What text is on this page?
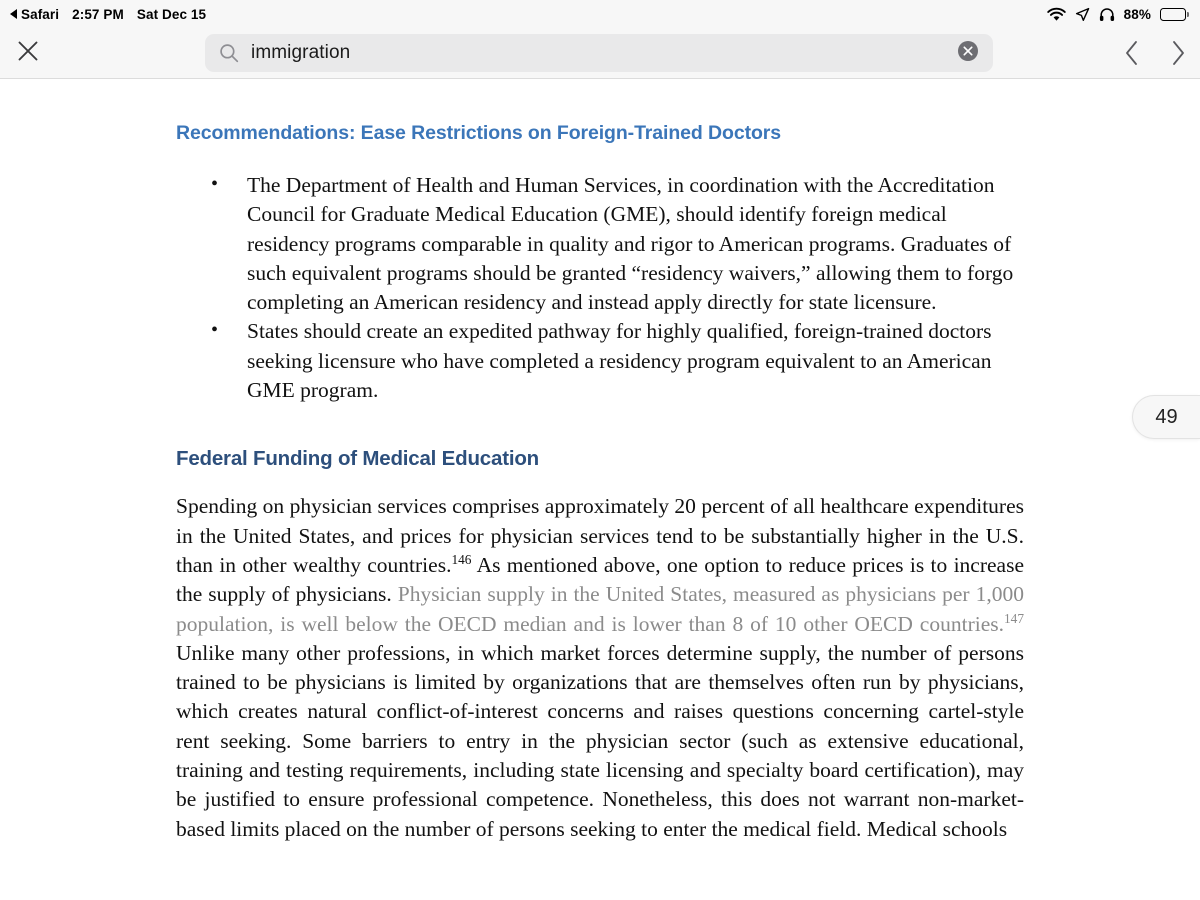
Safari 2:57 PM Sat Dec 15	88%
immigration
49
Recommendations: Ease Restrictions on Foreign-Trained Doctors
• The Department of Health and Human Services, in coordination with the Accreditation Council for Graduate Medical Education (GME), should identify foreign medical residency programs comparable in quality and rigor to American programs. Graduates of such equivalent programs should be granted “residency waivers,” allowing them to forgo completing an American residency and instead apply directly for state licensure.
• States should create an expedited pathway for highly qualified, foreign-trained doctors seeking licensure who have completed a residency program equivalent to an American GME program.
Federal Funding of Medical Education

Spending on physician services comprises approximately 20 percent of all healthcare expenditures in the United States, and prices for physician services tend to be substantially higher in the U.S. than in other wealthy countries.$^{146}$ As mentioned above, one option to reduce prices is to increase the supply of physicians. Physician supply in the United States, measured as physicians per 1,000 population, is well below the OECD median and is lower than 8 of 10 other OECD countries.$^{147}$ Unlike many other professions, in which market forces determine supply, the number of persons trained to be physicians is limited by organizations that are themselves often run by physicians, which creates natural conflict-of-interest concerns and raises questions concerning cartel-style rent seeking. Some barriers to entry in the physician sector (such as extensive educational, training and testing requirements, including state licensing and specialty board certification), may be justified to ensure professional competence. Nonetheless, this does not warrant non-market-based limits placed on the number of persons seeking to enter the medical field. Medical schools
